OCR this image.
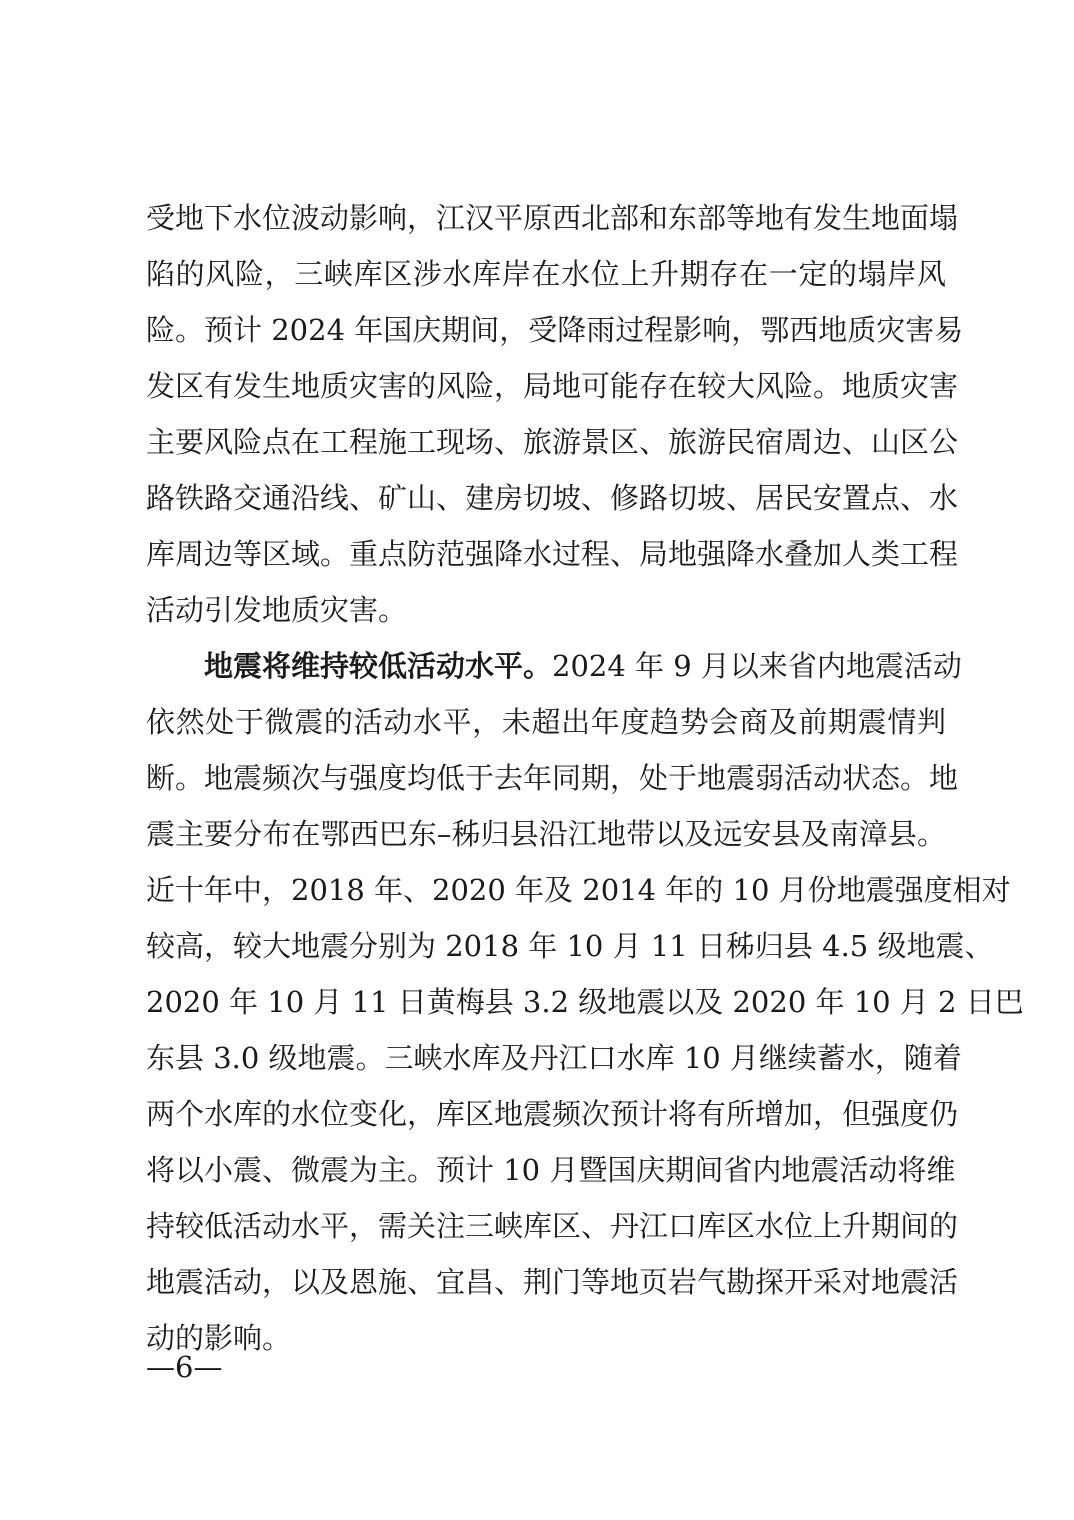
受地下水位波动影响，江汉平原西北部和东部等地有发生地面塌
陷的风险，三峡库区涉水库岸在水位上升期存在一定的塌岸风
险。预计 2024 年国庆期间，受降雨过程影响，鄂西地质灾害易
发区有发生地质灾害的风险，局地可能存在较大风险。地质灾害
主要风险点在工程施工现场、旅游景区、旅游民宿周边、山区公
路铁路交通沿线、矿山、建房切坡、修路切坡、居民安置点、水
库周边等区域。重点防范强降水过程、局地强降水叠加人类工程
活动引发地质灾害。
地震将维持较低活动水平。2024 年 9 月以来省内地震活动
依然处于微震的活动水平，未超出年度趋势会商及前期震情判
断。地震频次与强度均低于去年同期，处于地震弱活动状态。地
震主要分布在鄂西巴东–秭归县沿江地带以及远安县及南漳县。
近十年中，2018 年、2020 年及 2014 年的 10 月份地震强度相对
较高，较大地震分别为 2018 年 10 月 11 日秭归县 4.5 级地震、
2020 年 10 月 11 日黄梅县 3.2 级地震以及 2020 年 10 月 2 日巴
东县 3.0 级地震。三峡水库及丹江口水库 10 月继续蓄水，随着
两个水库的水位变化，库区地震频次预计将有所增加，但强度仍
将以小震、微震为主。预计 10 月暨国庆期间省内地震活动将维
持较低活动水平，需关注三峡库区、丹江口库区水位上升期间的
地震活动，以及恩施、宜昌、荆门等地页岩气勘探开采对地震活
动的影响。
—6—
